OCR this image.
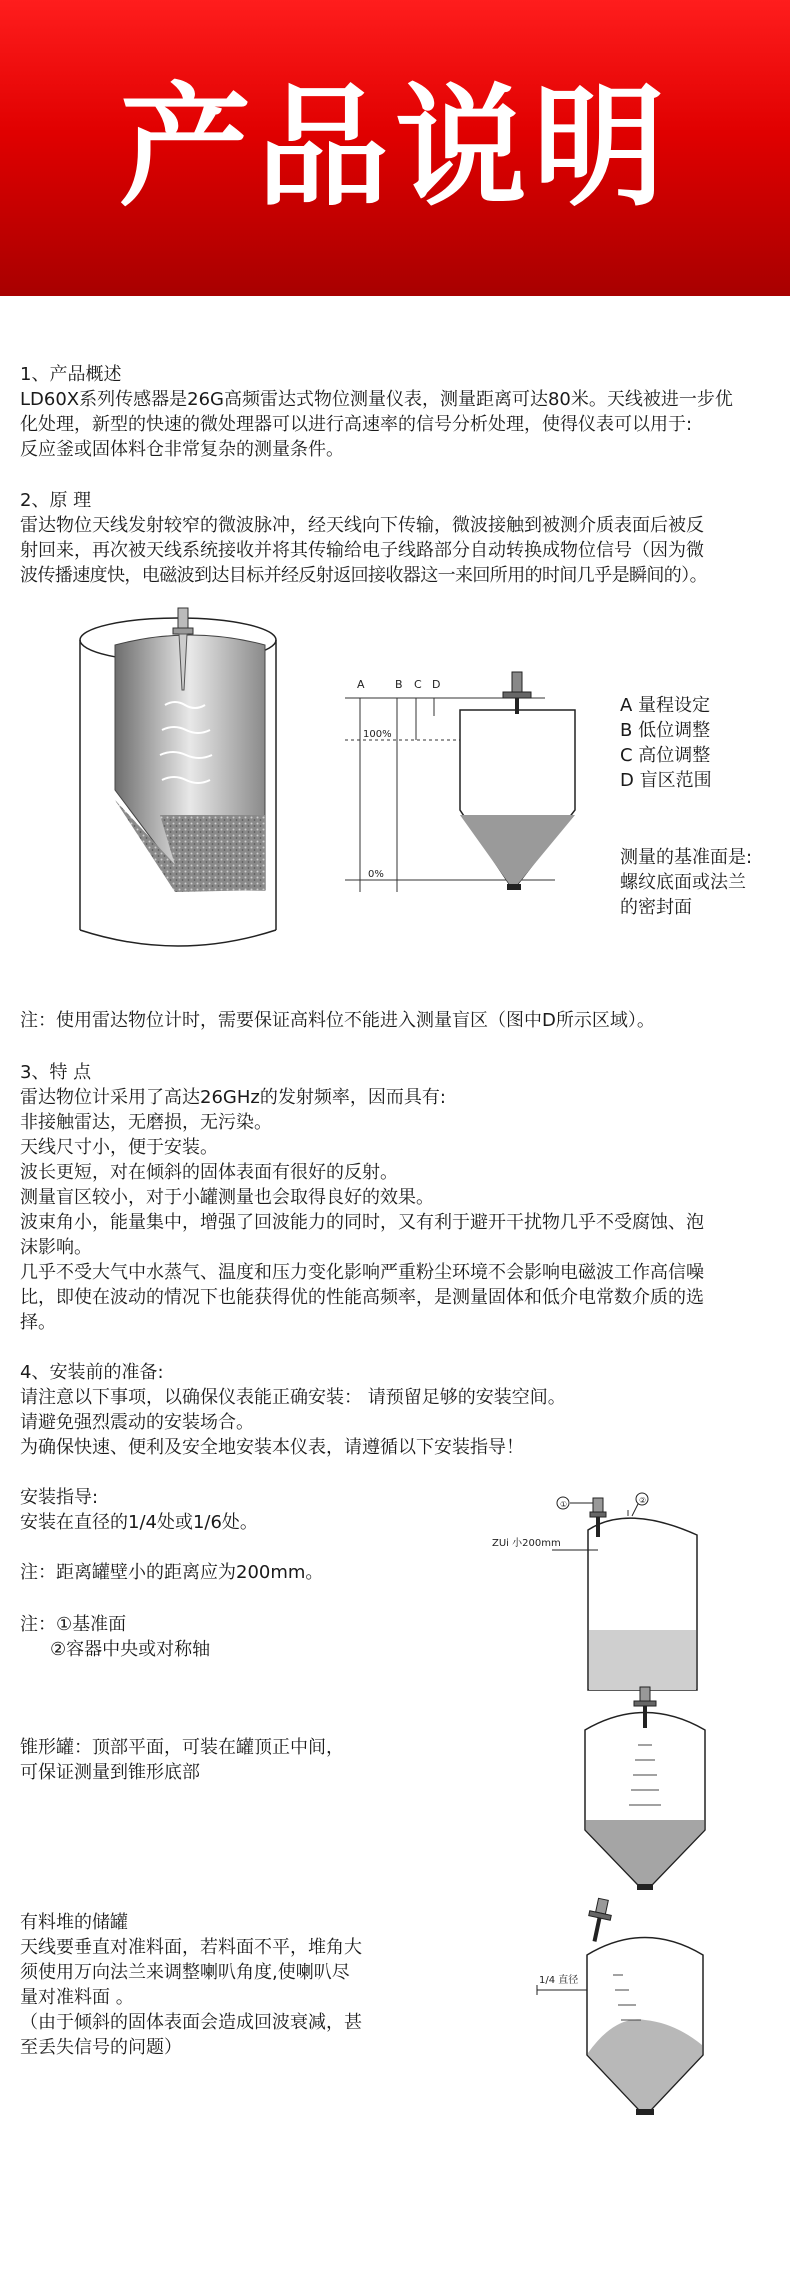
产品说明

1、产品概述

LD60X系列传感器是26G高频雷达式物位测量仪表，测量距离可达80米。天线被进一步优

化处理，新型的快速的微处理器可以进行高速率的信号分析处理，使得仪表可以用于:

反应釜或固体料仓非常复杂的测量条件。

2、原 理

雷达物位天线发射较窄的微波脉冲，经天线向下传输，微波接触到被测介质表面后被反

射回来，再次被天线系统接收并将其传输给电子线路部分自动转换成物位信号（因为微

波传播速度快，电磁波到达目标并经反射返回接收器这一来回所用的时间几乎是瞬间的）。

A	B C D
100%
0%

A 量程设定

B 低位调整

C 高位调整

D 盲区范围

测量的基准面是:

螺纹底面或法兰

的密封面

注：使用雷达物位计时，需要保证高料位不能进入测量盲区（图中D所示区域）。

3、特 点

雷达物位计采用了高达26GHz的发射频率，因而具有:

非接触雷达，无磨损，无污染。

天线尺寸小，便于安装。

波长更短，对在倾斜的固体表面有很好的反射。

测量盲区较小，对于小罐测量也会取得良好的效果。

波束角小，能量集中，增强了回波能力的同时，又有利于避开干扰物几乎不受腐蚀、泡

沫影响。

几乎不受大气中水蒸气、温度和压力变化影响严重粉尘环境不会影响电磁波工作高信噪

比，即使在波动的情况下也能获得优的性能高频率，是测量固体和低介电常数介质的选

择。

4、安装前的准备:

请注意以下事项，以确保仪表能正确安装： 请预留足够的安装空间。

请避免强烈震动的安装场合。

为确保快速、便利及安全地安装本仪表，请遵循以下安装指导！

安装指导:

安装在直径的1/4处或1/6处。

注：距离罐壁小的距离应为200mm。

注：①基准面

②容器中央或对称轴

①	②
ZUi 小200mm

锥形罐：顶部平面，可装在罐顶正中间，

可保证测量到锥形底部

有料堆的储罐

天线要垂直对准料面，若料面不平，堆角大

须使用万向法兰来调整喇叭角度,使喇叭尽

量对准料面 。

（由于倾斜的固体表面会造成回波衰减，甚

至丢失信号的问题）

1/4 直径
